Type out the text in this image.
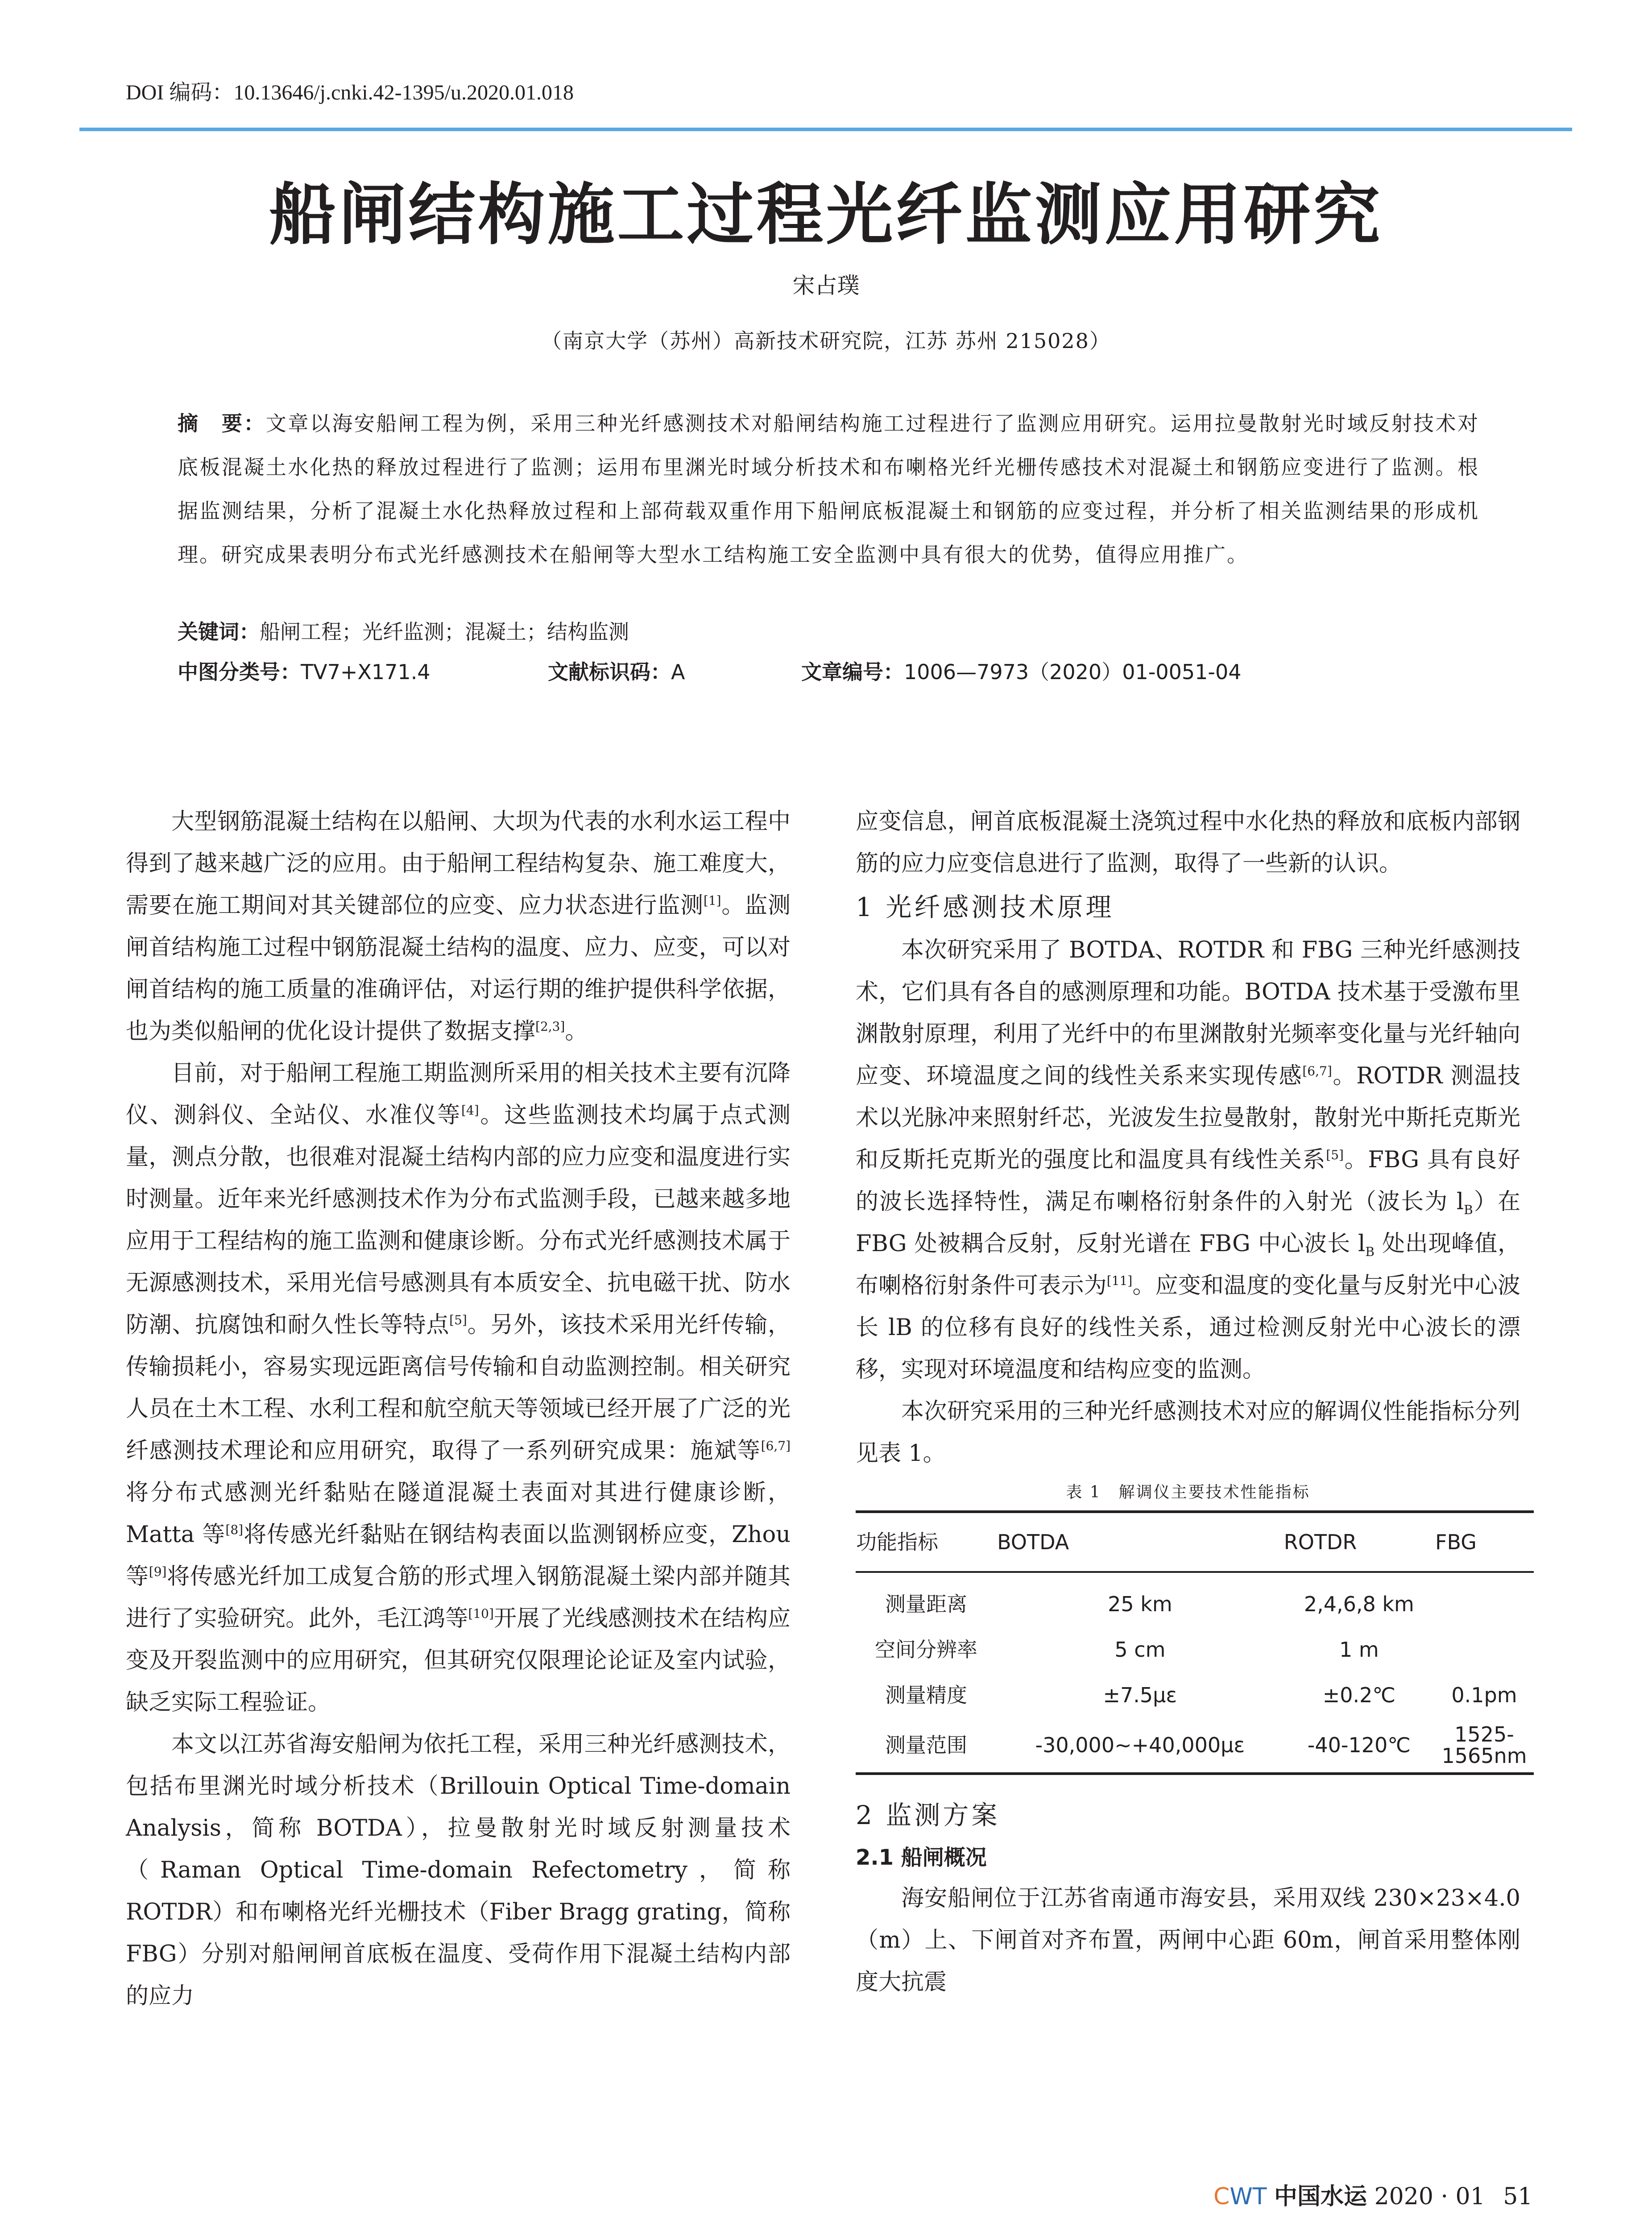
DOI 编码：10.13646/j.cnki.42-1395/u.2020.01.018
船闸结构施工过程光纤监测应用研究
宋占璞
（南京大学（苏州）高新技术研究院，江苏 苏州 215028）
摘　要：文章以海安船闸工程为例，采用三种光纤感测技术对船闸结构施工过程进行了监测应用研究。运用拉曼散射光时域反射技术对底板混凝土水化热的释放过程进行了监测；运用布里渊光时域分析技术和布喇格光纤光栅传感技术对混凝土和钢筋应变进行了监测。根据监测结果，分析了混凝土水化热释放过程和上部荷载双重作用下船闸底板混凝土和钢筋的应变过程，并分析了相关监测结果的形成机理。研究成果表明分布式光纤感测技术在船闸等大型水工结构施工安全监测中具有很大的优势，值得应用推广。
关键词：船闸工程；光纤监测；混凝土；结构监测
中图分类号：TV7+X171.4	文献标识码：A	文章编号：1006—7973（2020）01-0051-04

大型钢筋混凝土结构在以船闸、大坝为代表的水利水运工程中得到了越来越广泛的应用。由于船闸工程结构复杂、施工难度大，需要在施工期间对其关键部位的应变、应力状态进行监测[1]。监测闸首结构施工过程中钢筋混凝土结构的温度、应力、应变，可以对闸首结构的施工质量的准确评估，对运行期的维护提供科学依据，也为类似船闸的优化设计提供了数据支撑[2,3]。

目前，对于船闸工程施工期监测所采用的相关技术主要有沉降仪、测斜仪、全站仪、水准仪等[4]。这些监测技术均属于点式测量，测点分散，也很难对混凝土结构内部的应力应变和温度进行实时测量。近年来光纤感测技术作为分布式监测手段，已越来越多地应用于工程结构的施工监测和健康诊断。分布式光纤感测技术属于无源感测技术，采用光信号感测具有本质安全、抗电磁干扰、防水防潮、抗腐蚀和耐久性长等特点[5]。另外，该技术采用光纤传输，传输损耗小，容易实现远距离信号传输和自动监测控制。相关研究人员在土木工程、水利工程和航空航天等领域已经开展了广泛的光纤感测技术理论和应用研究，取得了一系列研究成果：施斌等[6,7]将分布式感测光纤黏贴在隧道混凝土表面对其进行健康诊断，Matta 等[8]将传感光纤黏贴在钢结构表面以监测钢桥应变，Zhou 等[9]将传感光纤加工成复合筋的形式埋入钢筋混凝土梁内部并随其进行了实验研究。此外，毛江鸿等[10]开展了光线感测技术在结构应变及开裂监测中的应用研究，但其研究仅限理论论证及室内试验，缺乏实际工程验证。

本文以江苏省海安船闸为依托工程，采用三种光纤感测技术，包括布里渊光时域分析技术（Brillouin Optical Time-domain Analysis，简称 BOTDA），拉曼散射光时域反射测量技术（Raman Optical Time-domain Refectometry，简称 ROTDR）和布喇格光纤光栅技术（Fiber Bragg grating，简称 FBG）分别对船闸闸首底板在温度、受荷作用下混凝土结构内部的应力

应变信息，闸首底板混凝土浇筑过程中水化热的释放和底板内部钢筋的应力应变信息进行了监测，取得了一些新的认识。

1 光纤感测技术原理

本次研究采用了 BOTDA、ROTDR 和 FBG 三种光纤感测技术，它们具有各自的感测原理和功能。BOTDA 技术基于受激布里渊散射原理，利用了光纤中的布里渊散射光频率变化量与光纤轴向应变、环境温度之间的线性关系来实现传感[6,7]。ROTDR 测温技术以光脉冲来照射纤芯，光波发生拉曼散射，散射光中斯托克斯光和反斯托克斯光的强度比和温度具有线性关系[5]。FBG 具有良好的波长选择特性，满足布喇格衍射条件的入射光（波长为 $l_B$）在 FBG 处被耦合反射，反射光谱在 FBG 中心波长 $l_B$ 处出现峰值，布喇格衍射条件可表示为[11]。应变和温度的变化量与反射光中心波长 lB 的位移有良好的线性关系，通过检测反射光中心波长的漂移，实现对环境温度和结构应变的监测。

本次研究采用的三种光纤感测技术对应的解调仪性能指标分列见表 1。

表 1　解调仪主要技术性能指标

功能指标	BOTDA	ROTDR	FBG
测量距离	25 km	2,4,6,8 km	
空间分辨率	5 cm	1 m	
测量精度	±7.5με	±0.2℃	0.1pm
测量范围	-30,000~+40,000με	-40-120℃	1525-1565nm

2 监测方案

2.1 船闸概况

海安船闸位于江苏省南通市海安县，采用双线 230×23×4.0（m）上、下闸首对齐布置，两闸中心距 60m，闸首采用整体刚度大抗震

CWT 中国水运 2020 · 01 51
